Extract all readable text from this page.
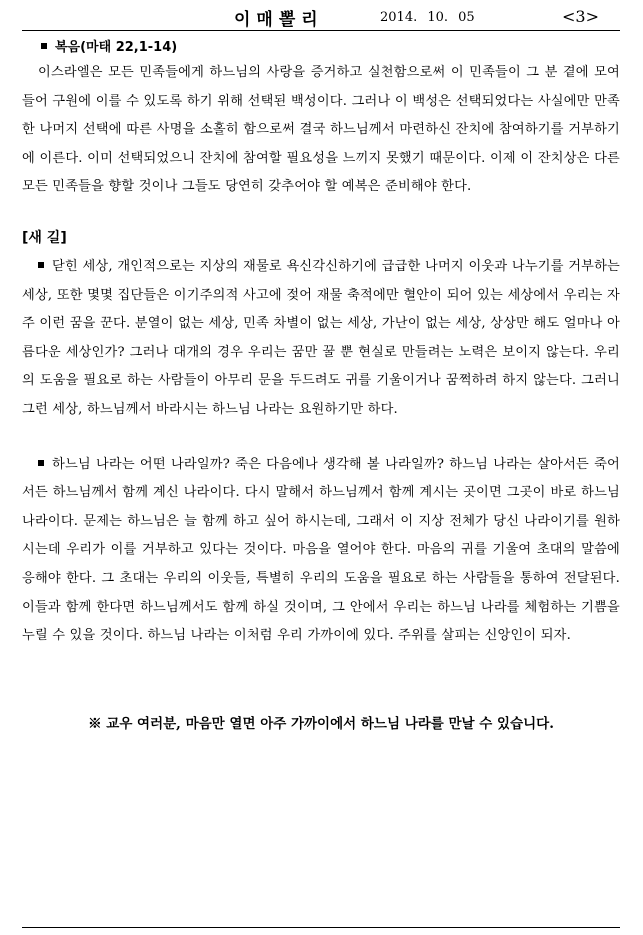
이매뽈리	2014. 10. 05	<3>
복음(마태 22,1-14)

이스라엘은 모든 민족들에게 하느님의 사랑을 증거하고 실천함으로써 이 민족들이 그 분 곁에 모여들어 구원에 이를 수 있도록 하기 위해 선택된 백성이다. 그러나 이 백성은 선택되었다는 사실에만 만족한 나머지 선택에 따른 사명을 소홀히 함으로써 결국 하느님께서 마련하신 잔치에 참여하기를 거부하기에 이른다. 이미 선택되었으니 잔치에 참여할 필요성을 느끼지 못했기 때문이다. 이제 이 잔치상은 다른 모든 민족들을 향할 것이나 그들도 당연히 갖추어야 할 예복은 준비해야 한다.

[새 길]

닫힌 세상, 개인적으로는 지상의 재물로 욕신각신하기에 급급한 나머지 이웃과 나누기를 거부하는 세상, 또한 몇몇 집단들은 이기주의적 사고에 젖어 재물 축적에만 혈안이 되어 있는 세상에서 우리는 자주 이런 꿈을 꾼다. 분열이 없는 세상, 민족 차별이 없는 세상, 가난이 없는 세상, 상상만 해도 얼마나 아름다운 세상인가? 그러나 대개의 경우 우리는 꿈만 꿀 뿐 현실로 만들려는 노력은 보이지 않는다. 우리의 도움을 필요로 하는 사람들이 아무리 문을 두드려도 귀를 기울이거나 꿈쩍하려 하지 않는다. 그러니 그런 세상, 하느님께서 바라시는 하느님 나라는 요원하기만 하다.

하느님 나라는 어떤 나라일까? 죽은 다음에나 생각해 볼 나라일까? 하느님 나라는 살아서든 죽어서든 하느님께서 함께 계신 나라이다. 다시 말해서 하느님께서 함께 계시는 곳이면 그곳이 바로 하느님 나라이다. 문제는 하느님은 늘 함께 하고 싶어 하시는데, 그래서 이 지상 전체가 당신 나라이기를 원하시는데 우리가 이를 거부하고 있다는 것이다. 마음을 열어야 한다. 마음의 귀를 기울여 초대의 말씀에 응해야 한다. 그 초대는 우리의 이웃들, 특별히 우리의 도움을 필요로 하는 사람들을 통하여 전달된다. 이들과 함께 한다면 하느님께서도 함께 하실 것이며, 그 안에서 우리는 하느님 나라를 체험하는 기쁨을 누릴 수 있을 것이다. 하느님 나라는 이처럼 우리 가까이에 있다. 주위를 살피는 신앙인이 되자.

※ 교우 여러분, 마음만 열면 아주 가까이에서 하느님 나라를 만날 수 있습니다.
